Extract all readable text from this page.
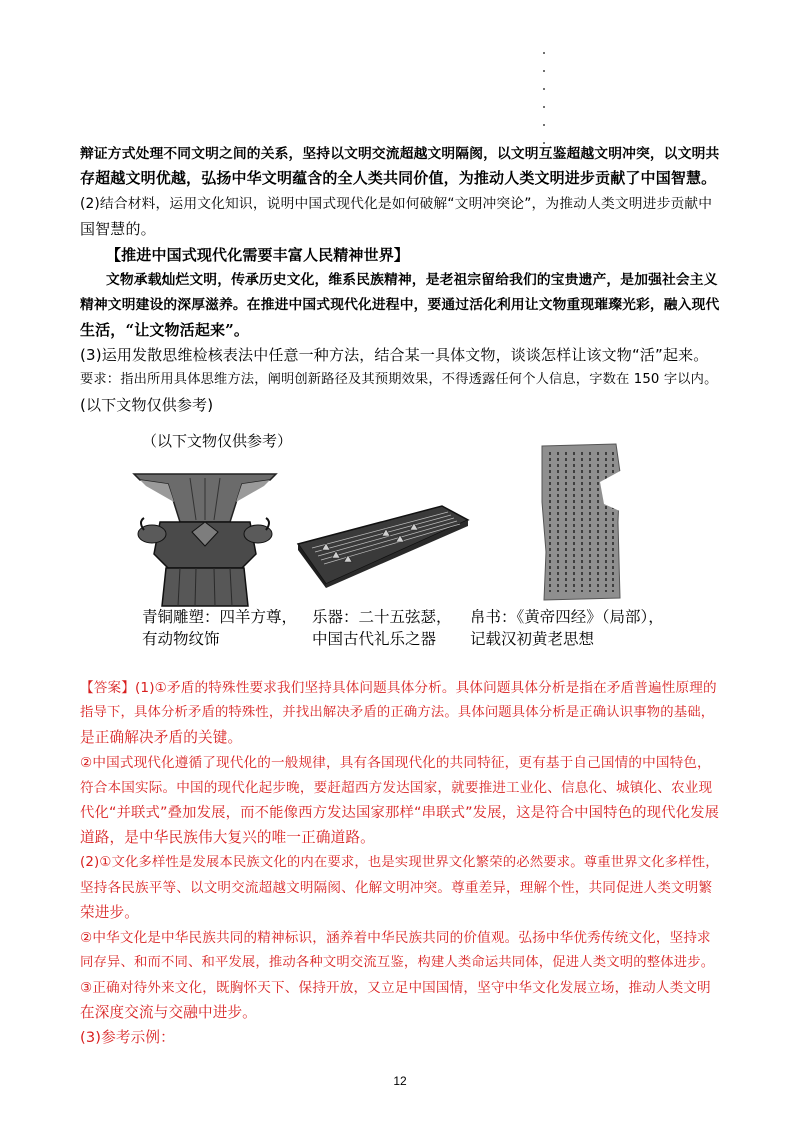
辩证方式处理不同文明之间的关系，坚持以文明交流超越文明隔阂，以文明互鉴超越文明冲突，以文明共
存超越文明优越，弘扬中华文明蕴含的全人类共同价值，为推动人类文明进步贡献了中国智慧。
(2)结合材料，运用文化知识，说明中国式现代化是如何破解“文明冲突论”，为推动人类文明进步贡献中
国智慧的。
【推进中国式现代化需要丰富人民精神世界】
文物承载灿烂文明，传承历史文化，维系民族精神，是老祖宗留给我们的宝贵遗产，是加强社会主义
精神文明建设的深厚滋养。在推进中国式现代化进程中，要通过活化利用让文物重现璀璨光彩，融入现代
生活，“让文物活起来”。
(3)运用发散思维检核表法中任意一种方法，结合某一具体文物，谈谈怎样让该文物“活”起来。
要求：指出所用具体思维方法，阐明创新路径及其预期效果，不得透露任何个人信息，字数在 150 字以内。
(以下文物仅供参考)
（以下文物仅供参考）
青铜雕塑：四羊方尊，
有动物纹饰
乐器：二十五弦瑟，
中国古代礼乐之器
帛书：《黄帝四经》（局部），
记载汉初黄老思想
【答案】(1)①矛盾的特殊性要求我们坚持具体问题具体分析。具体问题具体分析是指在矛盾普遍性原理的
指导下，具体分析矛盾的特殊性，并找出解决矛盾的正确方法。具体问题具体分析是正确认识事物的基础，
是正确解决矛盾的关键。
②中国式现代化遵循了现代化的一般规律，具有各国现代化的共同特征，更有基于自己国情的中国特色，
符合本国实际。中国的现代化起步晚，要赶超西方发达国家，就要推进工业化、信息化、城镇化、农业现
代化“并联式”叠加发展，而不能像西方发达国家那样“串联式”发展，这是符合中国特色的现代化发展
道路，是中华民族伟大复兴的唯一正确道路。
(2)①文化多样性是发展本民族文化的内在要求，也是实现世界文化繁荣的必然要求。尊重世界文化多样性，
坚持各民族平等、以文明交流超越文明隔阂、化解文明冲突。尊重差异，理解个性，共同促进人类文明繁
荣进步。
②中华文化是中华民族共同的精神标识，涵养着中华民族共同的价值观。弘扬中华优秀传统文化，坚持求
同存异、和而不同、和平发展，推动各种文明交流互鉴，构建人类命运共同体，促进人类文明的整体进步。
③正确对待外来文化，既胸怀天下、保持开放，又立足中国国情，坚守中华文化发展立场，推动人类文明
在深度交流与交融中进步。
(3)参考示例：
12
